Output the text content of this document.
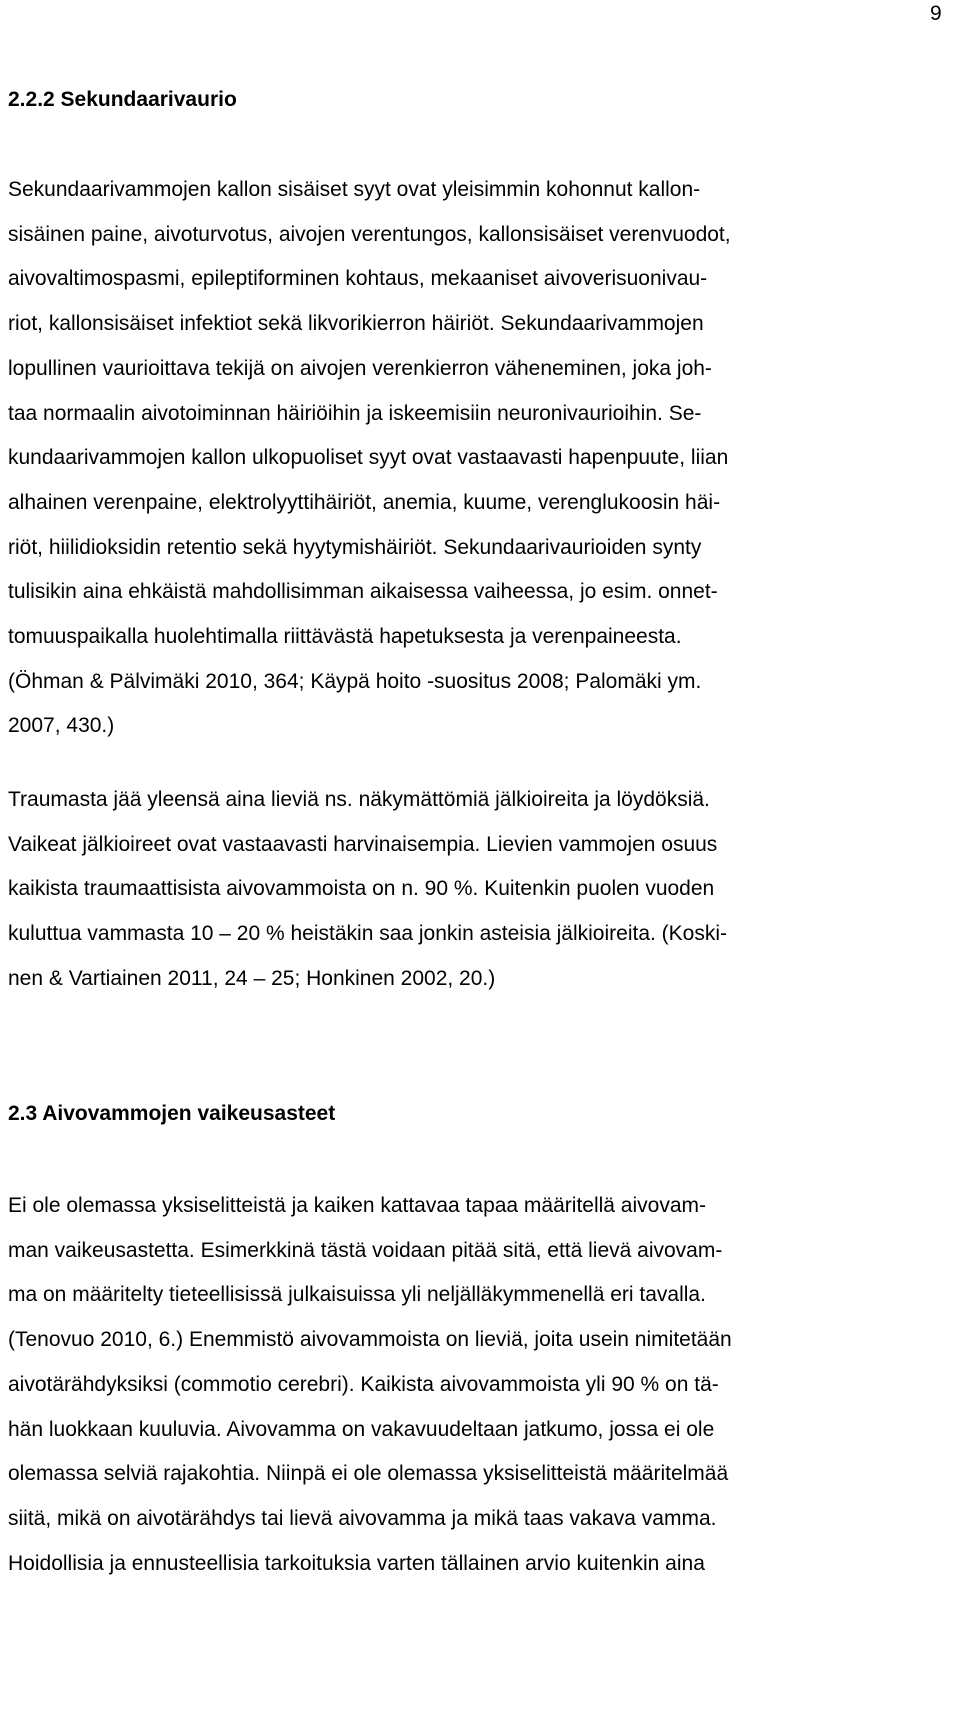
9
2.2.2 Sekundaarivaurio
Sekundaarivammojen kallon sisäiset syyt ovat yleisimmin kohonnut kallon-
sisäinen paine, aivoturvotus, aivojen verentungos, kallonsisäiset verenvuodot,
aivovaltimospasmi, epileptiforminen kohtaus, mekaaniset aivoverisuonivau-
riot, kallonsisäiset infektiot sekä likvorikierron häiriöt. Sekundaarivammojen
lopullinen vaurioittava tekijä on aivojen verenkierron väheneminen, joka joh-
taa normaalin aivotoiminnan häiriöihin ja iskeemisiin neuronivaurioihin. Se-
kundaarivammojen kallon ulkopuoliset syyt ovat vastaavasti hapenpuute, liian
alhainen verenpaine, elektrolyyttihäiriöt, anemia, kuume, verenglukoosin häi-
riöt, hiilidioksidin retentio sekä hyytymishäiriöt. Sekundaarivaurioiden synty
tulisikin aina ehkäistä mahdollisimman aikaisessa vaiheessa, jo esim. onnet-
tomuuspaikalla huolehtimalla riittävästä hapetuksesta ja verenpaineesta.
(Öhman & Pälvimäki 2010, 364; Käypä hoito -suositus 2008; Palomäki ym.
2007, 430.)
Traumasta jää yleensä aina lieviä ns. näkymättömiä jälkioireita ja löydöksiä.
Vaikeat jälkioireet ovat vastaavasti harvinaisempia. Lievien vammojen osuus
kaikista traumaattisista aivovammoista on n. 90 %. Kuitenkin puolen vuoden
kuluttua vammasta 10 – 20 % heistäkin saa jonkin asteisia jälkioireita. (Koski-
nen & Vartiainen 2011, 24 – 25; Honkinen 2002, 20.)
2.3 Aivovammojen vaikeusasteet
Ei ole olemassa yksiselitteistä ja kaiken kattavaa tapaa määritellä aivovam-
man vaikeusastetta. Esimerkkinä tästä voidaan pitää sitä, että lievä aivovam-
ma on määritelty tieteellisissä julkaisuissa yli neljälläkymmenellä eri tavalla.
(Tenovuo 2010, 6.) Enemmistö aivovammoista on lieviä, joita usein nimitetään
aivotärähdyksiksi (commotio cerebri). Kaikista aivovammoista yli 90 % on tä-
hän luokkaan kuuluvia. Aivovamma on vakavuudeltaan jatkumo, jossa ei ole
olemassa selviä rajakohtia. Niinpä ei ole olemassa yksiselitteistä määritelmää
siitä, mikä on aivotärähdys tai lievä aivovamma ja mikä taas vakava vamma.
Hoidollisia ja ennusteellisia tarkoituksia varten tällainen arvio kuitenkin aina
